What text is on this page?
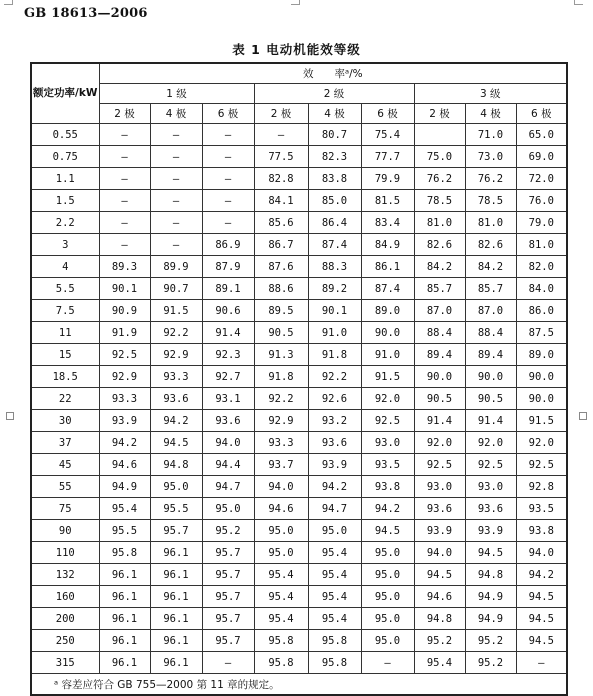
GB 18613—2006
表 1 电动机能效等级
额定功率/kW	效　　率ᵃ/%								
	1 级			2 级			3 级		
	2 极	4 极	6 极	2 极	4 极	6 极	2 极	4 极	6 极
0.55	—	—	—	—	80.7	75.4		71.0	65.0
0.75	—	—	—	77.5	82.3	77.7	75.0	73.0	69.0
1.1	—	—	—	82.8	83.8	79.9	76.2	76.2	72.0
1.5	—	—	—	84.1	85.0	81.5	78.5	78.5	76.0
2.2	—	—	—	85.6	86.4	83.4	81.0	81.0	79.0
3	—	—	86.9	86.7	87.4	84.9	82.6	82.6	81.0
4	89.3	89.9	87.9	87.6	88.3	86.1	84.2	84.2	82.0
5.5	90.1	90.7	89.1	88.6	89.2	87.4	85.7	85.7	84.0
7.5	90.9	91.5	90.6	89.5	90.1	89.0	87.0	87.0	86.0
11	91.9	92.2	91.4	90.5	91.0	90.0	88.4	88.4	87.5
15	92.5	92.9	92.3	91.3	91.8	91.0	89.4	89.4	89.0
18.5	92.9	93.3	92.7	91.8	92.2	91.5	90.0	90.0	90.0
22	93.3	93.6	93.1	92.2	92.6	92.0	90.5	90.5	90.0
30	93.9	94.2	93.6	92.9	93.2	92.5	91.4	91.4	91.5
37	94.2	94.5	94.0	93.3	93.6	93.0	92.0	92.0	92.0
45	94.6	94.8	94.4	93.7	93.9	93.5	92.5	92.5	92.5
55	94.9	95.0	94.7	94.0	94.2	93.8	93.0	93.0	92.8
75	95.4	95.5	95.0	94.6	94.7	94.2	93.6	93.6	93.5
90	95.5	95.7	95.2	95.0	95.0	94.5	93.9	93.9	93.8
110	95.8	96.1	95.7	95.0	95.4	95.0	94.0	94.5	94.0
132	96.1	96.1	95.7	95.4	95.4	95.0	94.5	94.8	94.2
160	96.1	96.1	95.7	95.4	95.4	95.0	94.6	94.9	94.5
200	96.1	96.1	95.7	95.4	95.4	95.0	94.8	94.9	94.5
250	96.1	96.1	95.7	95.8	95.8	95.0	95.2	95.2	94.5
315	96.1	96.1	—	95.8	95.8	—	95.4	95.2	—
ᵃ 容差应符合 GB 755—2000 第 11 章的规定。									
